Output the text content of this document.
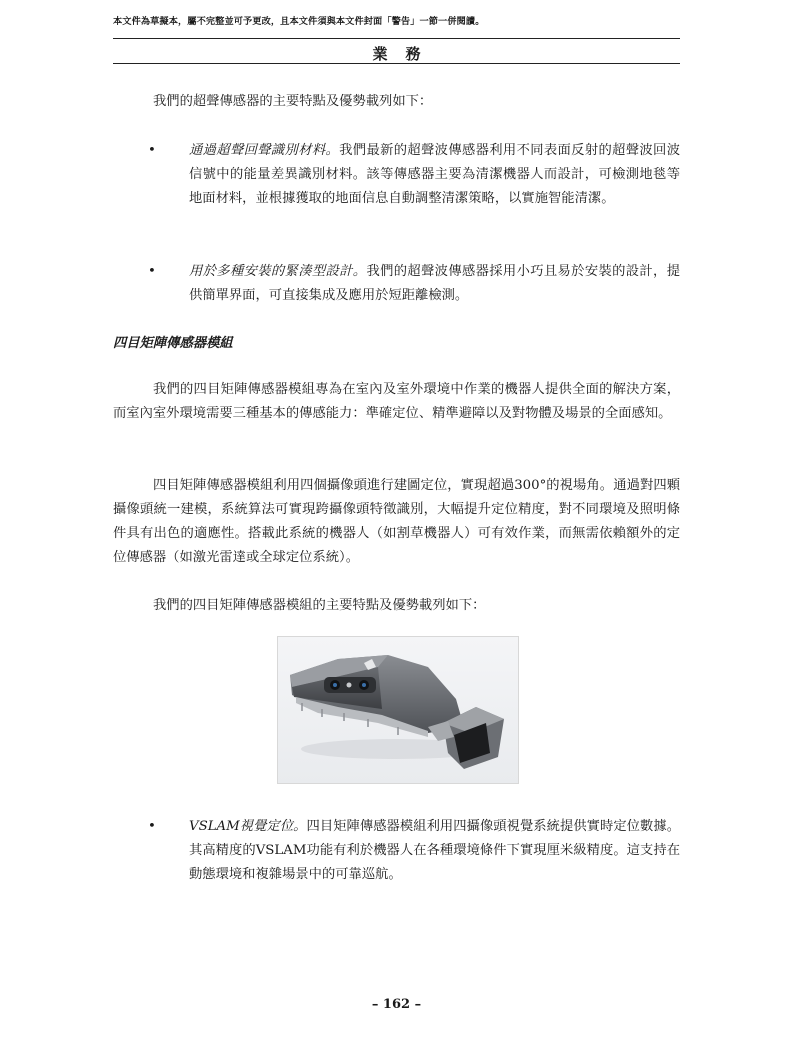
本文件為草擬本，屬不完整並可予更改，且本文件須與本文件封面「警告」一節一併閱讀。
業務

我們的超聲傳感器的主要特點及優勢載列如下：

• 通過超聲回聲識別材料。我們最新的超聲波傳感器利用不同表面反射的超聲波回波信號中的能量差異識別材料。該等傳感器主要為清潔機器人而設計，可檢測地毯等地面材料，並根據獲取的地面信息自動調整清潔策略，以實施智能清潔。
• 用於多種安裝的緊湊型設計。我們的超聲波傳感器採用小巧且易於安裝的設計，提供簡單界面，可直接集成及應用於短距離檢測。
四目矩陣傳感器模組

我們的四目矩陣傳感器模組專為在室內及室外環境中作業的機器人提供全面的解決方案，而室內室外環境需要三種基本的傳感能力：準確定位、精準避障以及對物體及場景的全面感知。

四目矩陣傳感器模組利用四個攝像頭進行建圖定位，實現超過300°的視場角。通過對四顆攝像頭統一建模，系統算法可實現跨攝像頭特徵識別，大幅提升定位精度，對不同環境及照明條件具有出色的適應性。搭載此系統的機器人（如割草機器人）可有效作業，而無需依賴額外的定位傳感器（如激光雷達或全球定位系統）。

我們的四目矩陣傳感器模組的主要特點及優勢載列如下：

• VSLAM視覺定位。四目矩陣傳感器模組利用四攝像頭視覺系統提供實時定位數據。其高精度的VSLAM功能有利於機器人在各種環境條件下實現厘米級精度。這支持在動態環境和複雜場景中的可靠巡航。
– 162 –
